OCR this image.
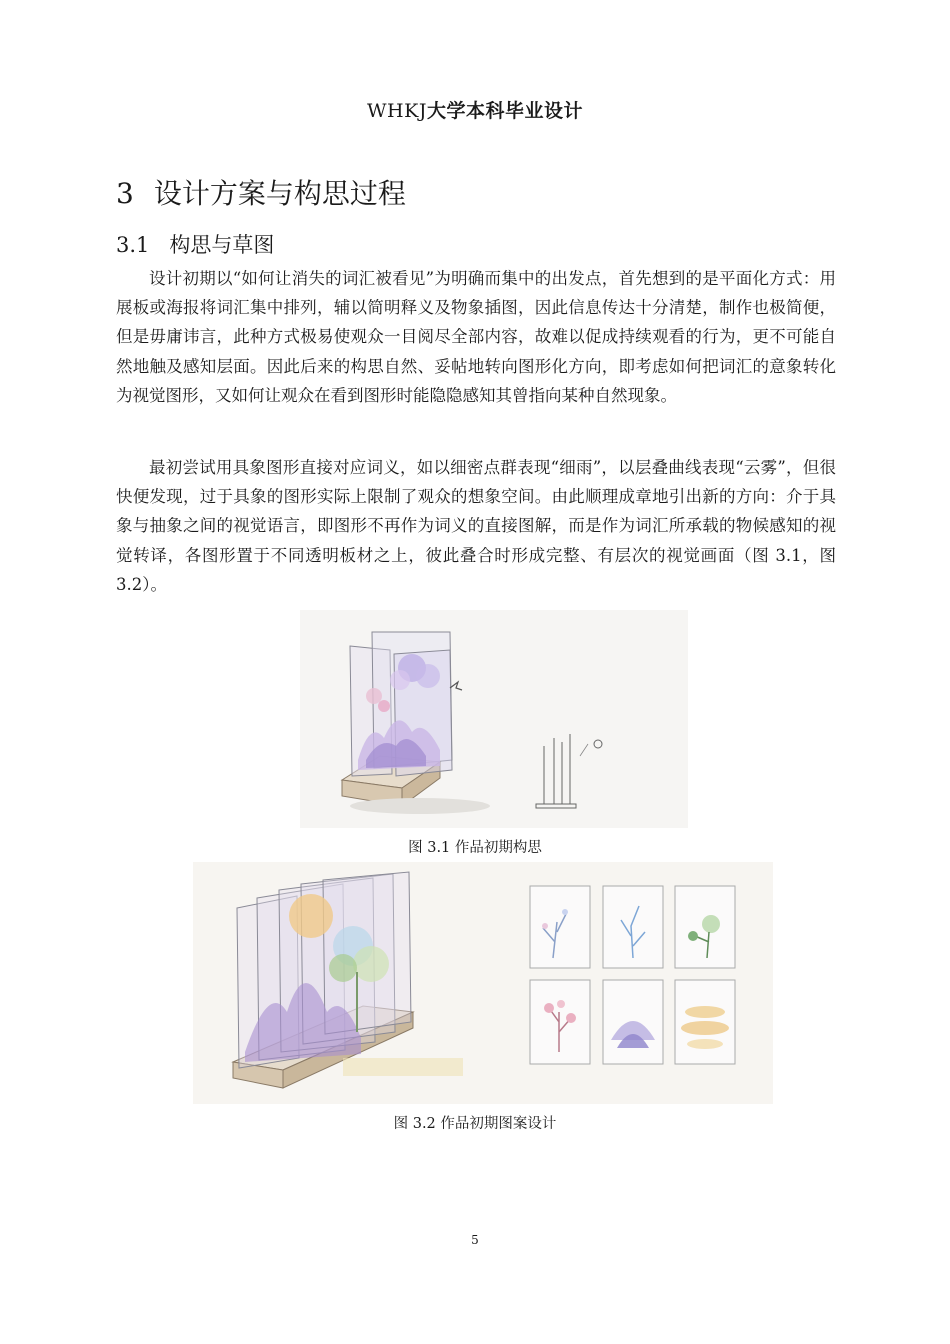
WHKJ大学本科毕业设计
3 设计方案与构思过程
3.1 构思与草图

设计初期以“如何让消失的词汇被看见”为明确而集中的出发点，首先想到的是平面化方式：用展板或海报将词汇集中排列，辅以简明释义及物象插图，因此信息传达十分清楚，制作也极简便，但是毋庸讳言，此种方式极易使观众一目阅尽全部内容，故难以促成持续观看的行为，更不可能自然地触及感知层面。因此后来的构思自然、妥帖地转向图形化方向，即考虑如何把词汇的意象转化为视觉图形，又如何让观众在看到图形时能隐隐感知其曾指向某种自然现象。

最初尝试用具象图形直接对应词义，如以细密点群表现“细雨”，以层叠曲线表现“云雾”，但很快便发现，过于具象的图形实际上限制了观众的想象空间。由此顺理成章地引出新的方向：介于具象与抽象之间的视觉语言，即图形不再作为词义的直接图解，而是作为词汇所承载的物候感知的视觉转译，各图形置于不同透明板材之上，彼此叠合时形成完整、有层次的视觉画面（图 3.1，图 3.2）。

图 3.1 作品初期构思
图 3.2 作品初期图案设计
5
